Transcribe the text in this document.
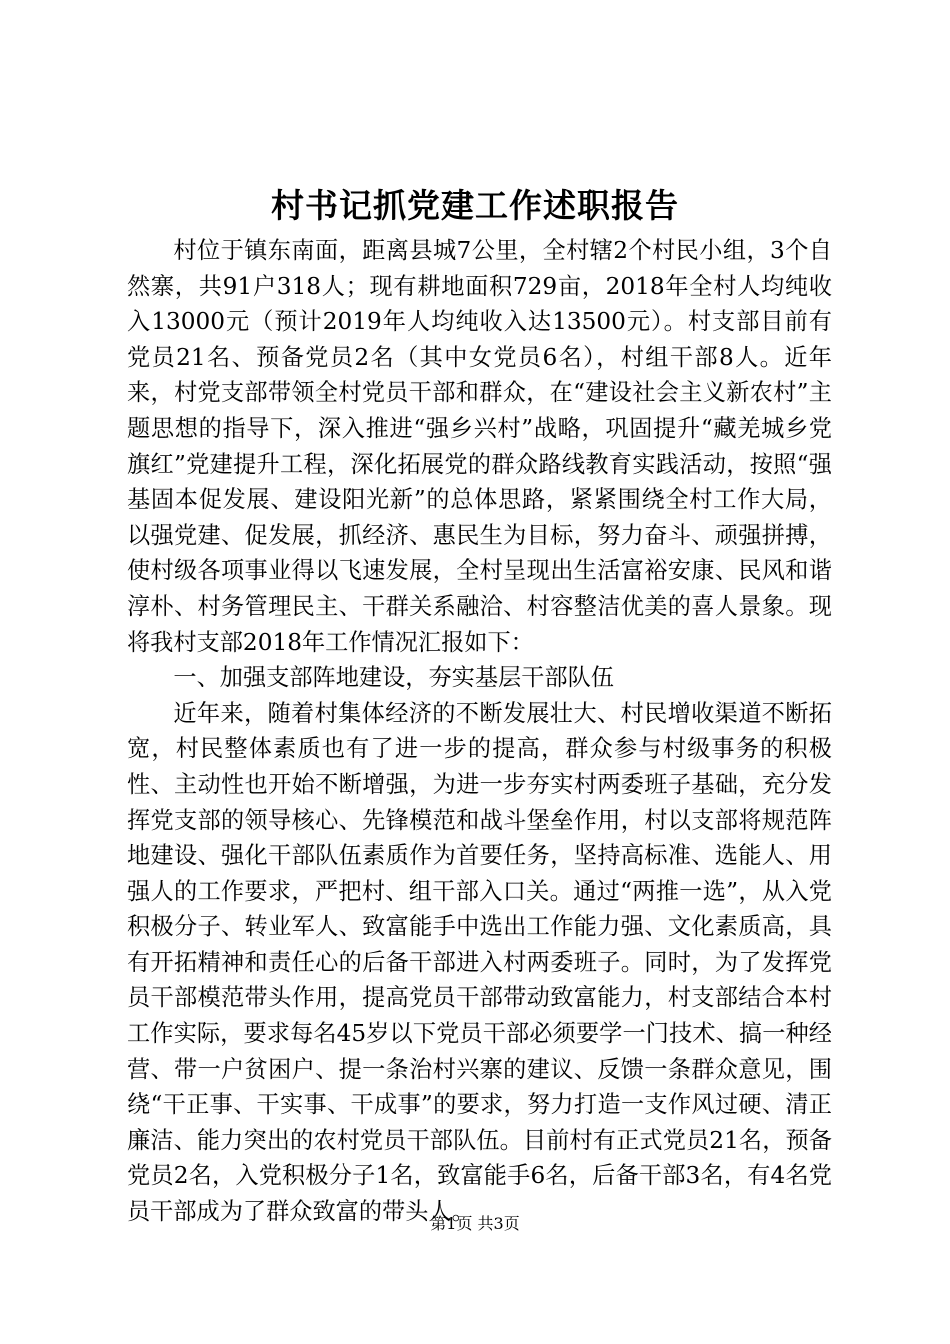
村书记抓党建工作述职报告

村位于镇东南面，距离县城7公里，全村辖2个村民小组，3个自然寨，共91户318人；现有耕地面积729亩，2018年全村人均纯收入13000元（预计2019年人均纯收入达13500元）。村支部目前有党员21名、预备党员2名（其中女党员6名），村组干部8人。近年来，村党支部带领全村党员干部和群众，在“建设社会主义新农村”主题思想的指导下，深入推进“强乡兴村”战略，巩固提升“藏羌城乡党旗红”党建提升工程，深化拓展党的群众路线教育实践活动，按照“强基固本促发展、建设阳光新”的总体思路，紧紧围绕全村工作大局，以强党建、促发展，抓经济、惠民生为目标，努力奋斗、顽强拼搏，使村级各项事业得以飞速发展，全村呈现出生活富裕安康、民风和谐淳朴、村务管理民主、干群关系融洽、村容整洁优美的喜人景象。现将我村支部2018年工作情况汇报如下：

一、加强支部阵地建设，夯实基层干部队伍

近年来，随着村集体经济的不断发展壮大、村民增收渠道不断拓宽，村民整体素质也有了进一步的提高，群众参与村级事务的积极性、主动性也开始不断增强，为进一步夯实村两委班子基础，充分发挥党支部的领导核心、先锋模范和战斗堡垒作用，村以支部将规范阵地建设、强化干部队伍素质作为首要任务，坚持高标准、选能人、用强人的工作要求，严把村、组干部入口关。通过“两推一选”，从入党积极分子、转业军人、致富能手中选出工作能力强、文化素质高，具有开拓精神和责任心的后备干部进入村两委班子。同时，为了发挥党员干部模范带头作用，提高党员干部带动致富能力，村支部结合本村工作实际，要求每名45岁以下党员干部必须要学一门技术、搞一种经营、带一户贫困户、提一条治村兴寨的建议、反馈一条群众意见，围绕“干正事、干实事、干成事”的要求，努力打造一支作风过硬、清正廉洁、能力突出的农村党员干部队伍。目前村有正式党员21名，预备党员2名，入党积极分子1名，致富能手6名，后备干部3名，有4名党员干部成为了群众致富的带头人。

第1页 共3页
